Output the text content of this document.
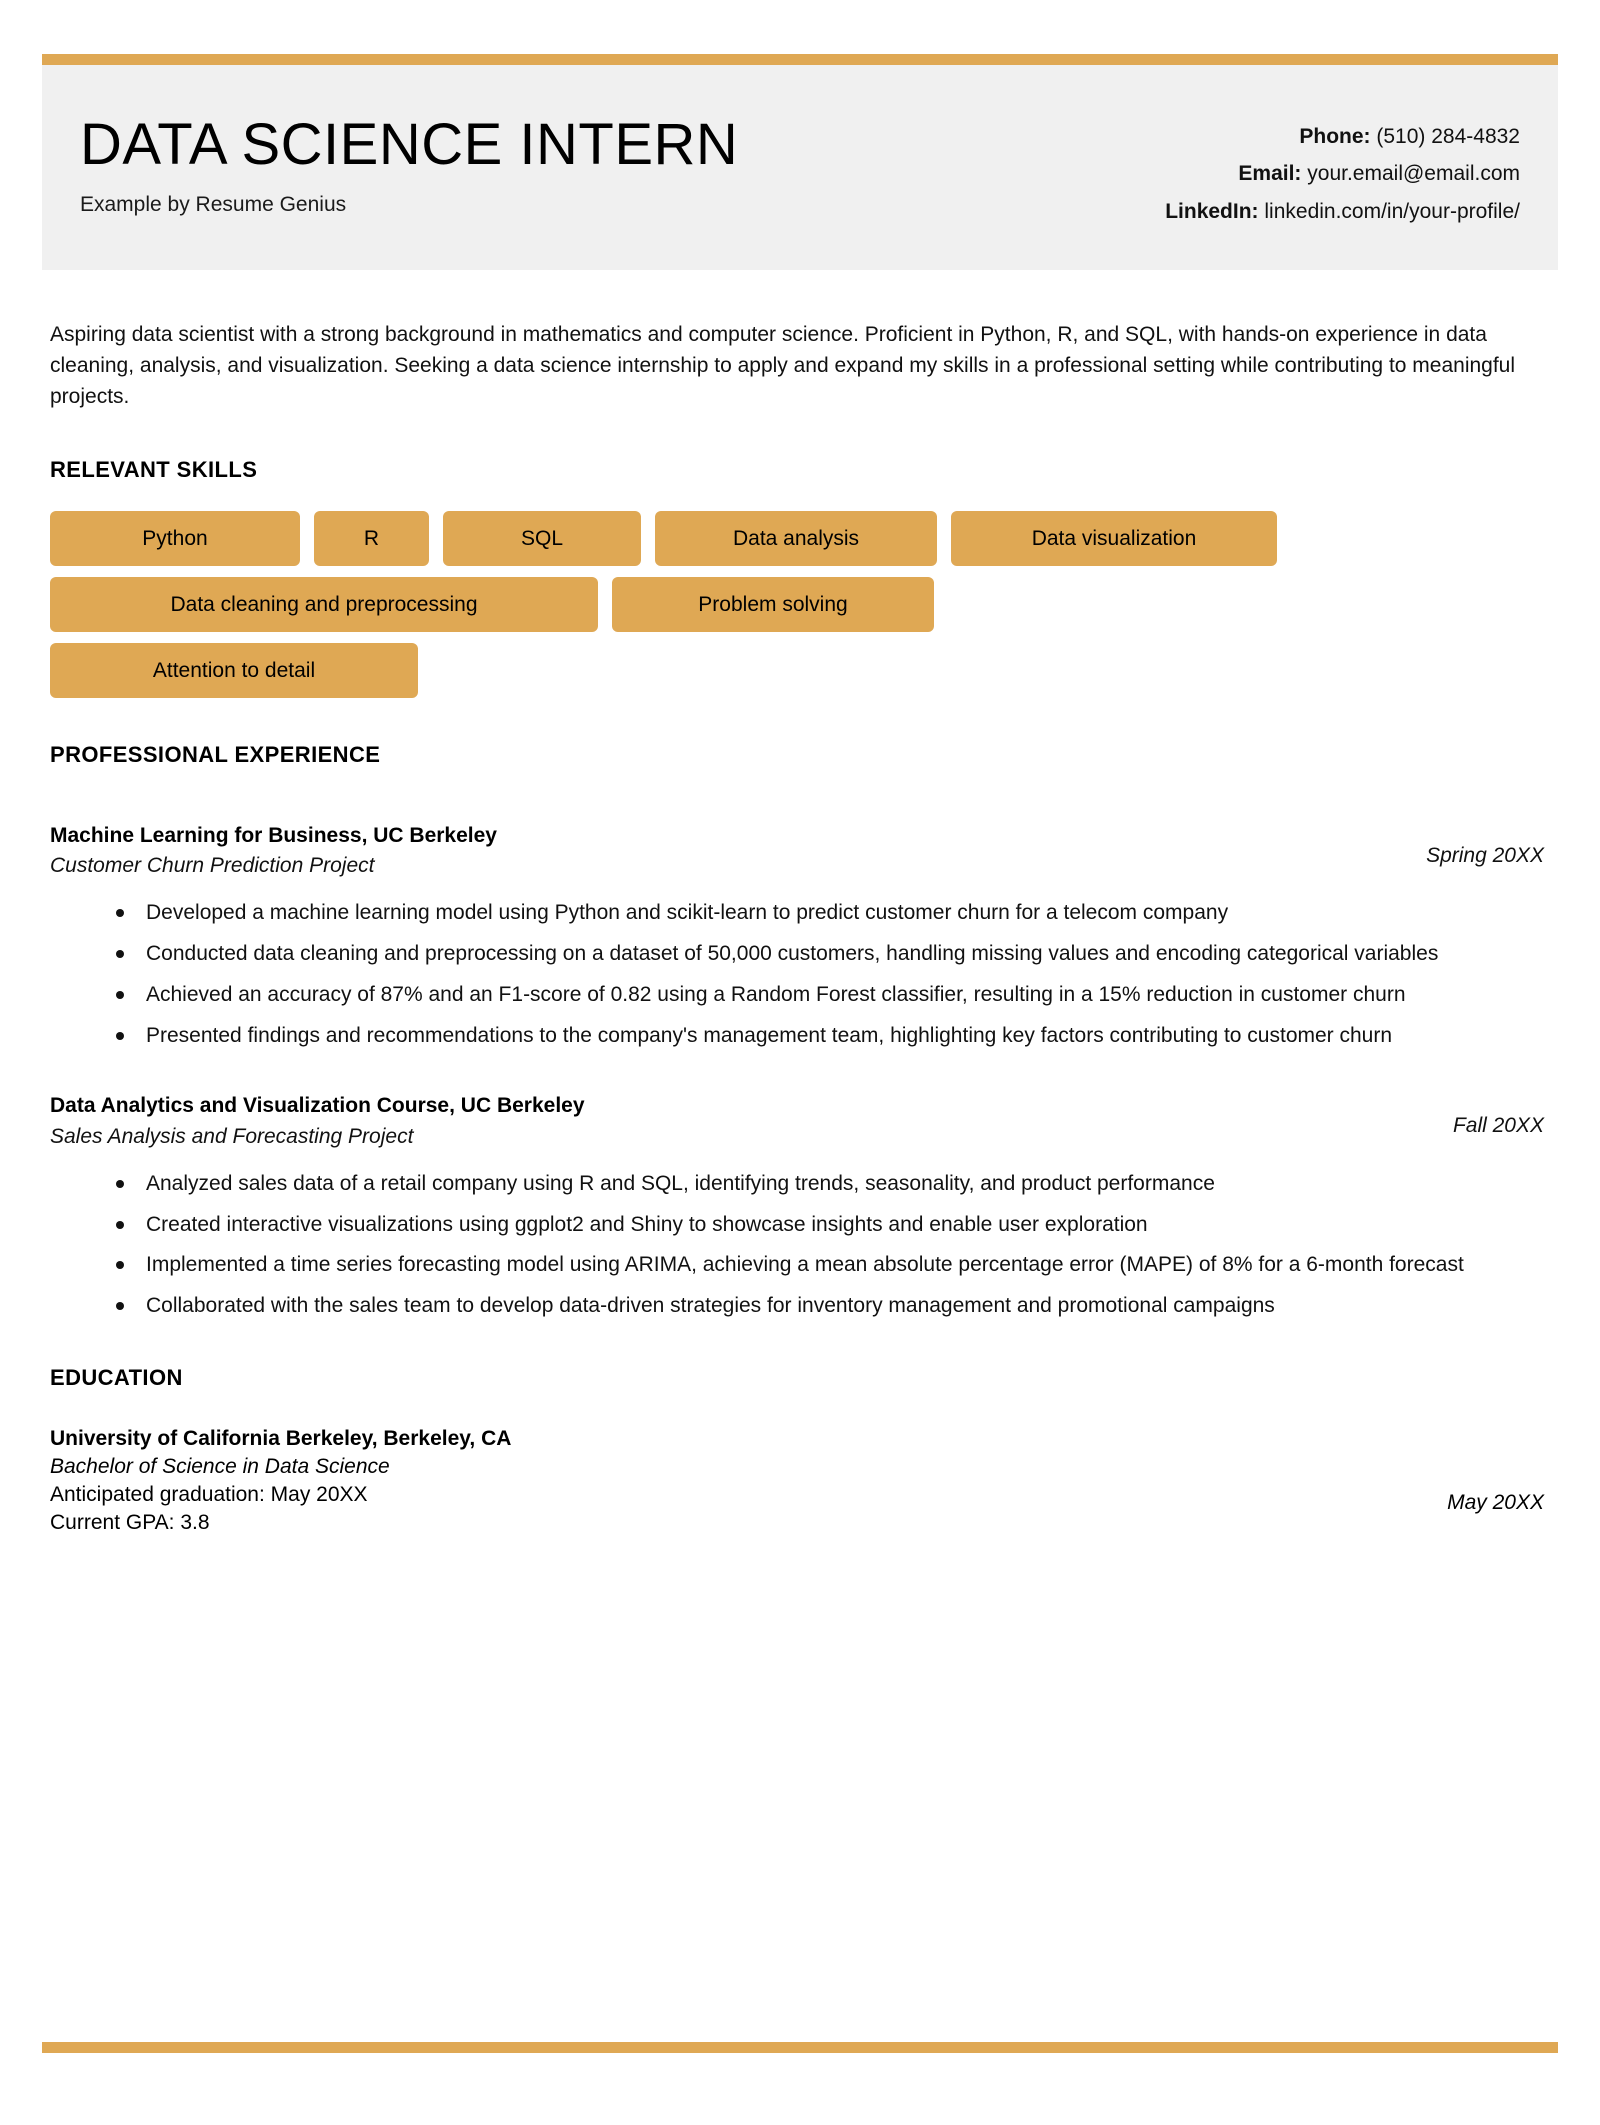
DATA SCIENCE INTERN
Example by Resume Genius
Phone: (510) 284-4832
Email: your.email@email.com
LinkedIn: linkedin.com/in/your-profile/
Aspiring data scientist with a strong background in mathematics and computer science. Proficient in Python, R, and SQL, with hands-on experience in data cleaning, analysis, and visualization. Seeking a data science internship to apply and expand my skills in a professional setting while contributing to meaningful projects.
RELEVANT SKILLS
Python	R	SQL	Data analysis	Data visualization
Data cleaning and preprocessing	Problem solving
Attention to detail
PROFESSIONAL EXPERIENCE
Machine Learning for Business, UC Berkeley
Customer Churn Prediction Project	Spring 20XX
Developed a machine learning model using Python and scikit-learn to predict customer churn for a telecom company
Conducted data cleaning and preprocessing on a dataset of 50,000 customers, handling missing values and encoding categorical variables
Achieved an accuracy of 87% and an F1-score of 0.82 using a Random Forest classifier, resulting in a 15% reduction in customer churn
Presented findings and recommendations to the company's management team, highlighting key factors contributing to customer churn
Data Analytics and Visualization Course, UC Berkeley
Sales Analysis and Forecasting Project	Fall 20XX
Analyzed sales data of a retail company using R and SQL, identifying trends, seasonality, and product performance
Created interactive visualizations using ggplot2 and Shiny to showcase insights and enable user exploration
Implemented a time series forecasting model using ARIMA, achieving a mean absolute percentage error (MAPE) of 8% for a 6-month forecast
Collaborated with the sales team to develop data-driven strategies for inventory management and promotional campaigns
EDUCATION
University of California Berkeley, Berkeley, CA
Bachelor of Science in Data Science
Anticipated graduation: May 20XX
Current GPA: 3.8
May 20XX
